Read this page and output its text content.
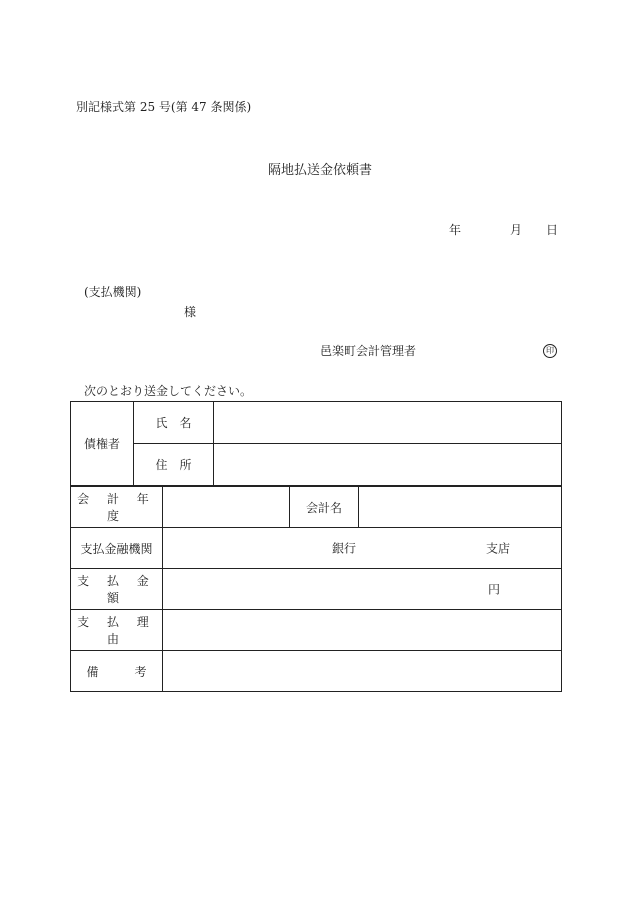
別記様式第 25 号(第 47 条関係)
隔地払送金依頼書
年	月 日
(支払機関)
様
邑楽町会計管理者	印
次のとおり送金してください。
債権者	氏　名	
	住　所	
会 計 年 度		会計名	
支払金融機関	銀行 支店		

支 払 金 額	円		

支 払 理 由			
備　　　考			
